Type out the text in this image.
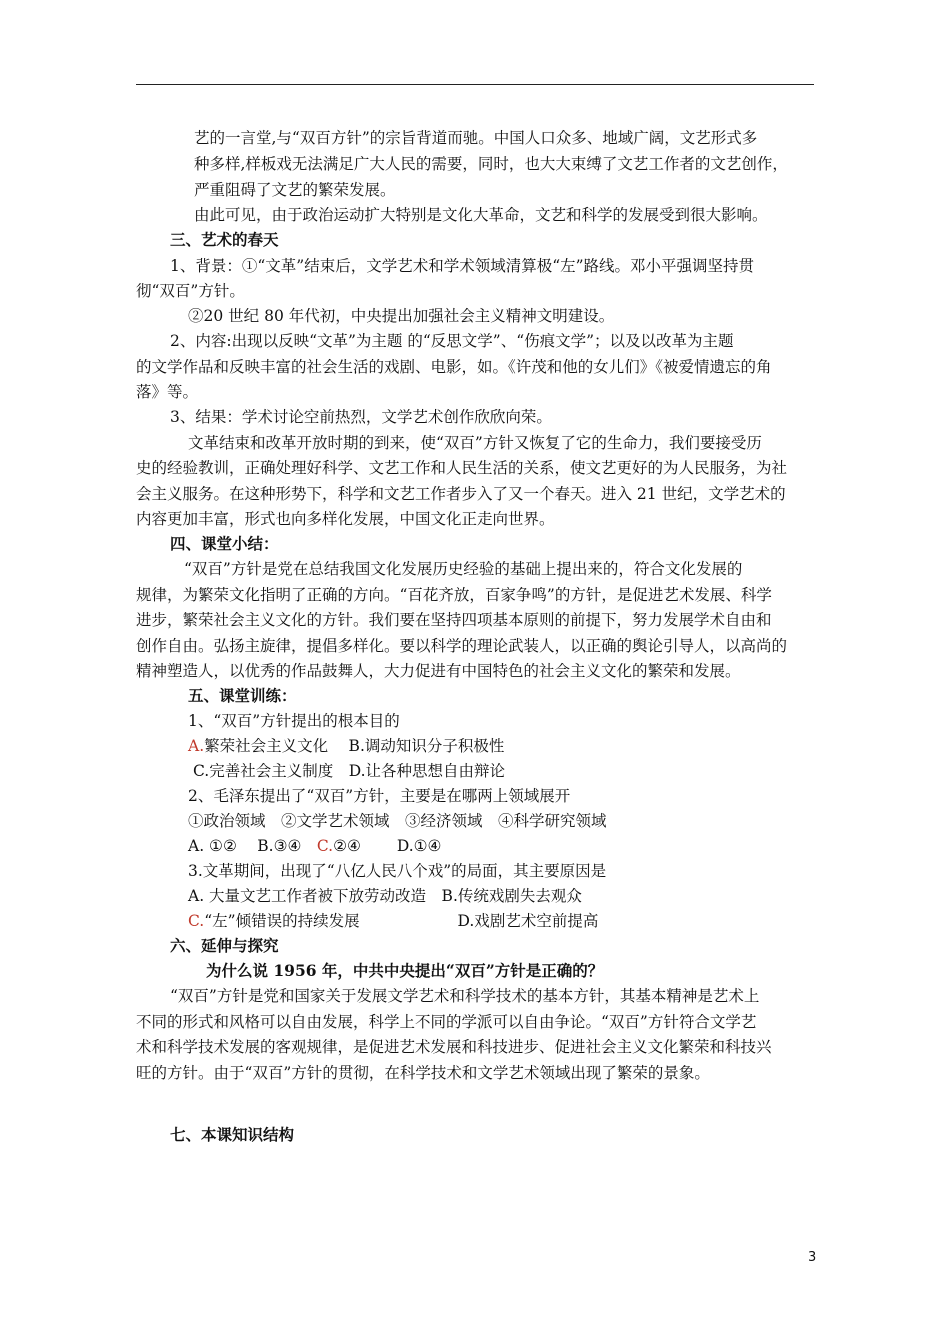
艺的一言堂,与“双百方针”的宗旨背道而驰。中国人口众多、地域广阔，文艺形式多
种多样,样板戏无法满足广大人民的需要，同时，也大大束缚了文艺工作者的文艺创作，
严重阻碍了文艺的繁荣发展。
由此可见，由于政治运动扩大特别是文化大革命，文艺和科学的发展受到很大影响。
三、艺术的春天
1、背景：①“文革”结束后，文学艺术和学术领域清算极“左”路线。邓小平强调坚持贯
彻“双百”方针。
②20 世纪 80 年代初，中央提出加强社会主义精神文明建设。
2、内容:出现以反映“文革”为主题 的“反思文学”、“伤痕文学”；以及以改革为主题
的文学作品和反映丰富的社会生活的戏剧、电影，如。《许茂和他的女儿们》《被爱情遗忘的角
落》等。
3、结果：学术讨论空前热烈，文学艺术创作欣欣向荣。
文革结束和改革开放时期的到来，使“双百”方针又恢复了它的生命力，我们要接受历
史的经验教训，正确处理好科学、文艺工作和人民生活的关系，使文艺更好的为人民服务，为社
会主义服务。在这种形势下，科学和文艺工作者步入了又一个春天。进入 21 世纪，文学艺术的
内容更加丰富，形式也向多样化发展，中国文化正走向世界。
四、课堂小结：
“双百”方针是党在总结我国文化发展历史经验的基础上提出来的，符合文化发展的
规律，为繁荣文化指明了正确的方向。“百花齐放，百家争鸣”的方针，是促进艺术发展、科学
进步，繁荣社会主义文化的方针。我们要在坚持四项基本原则的前提下，努力发展学术自由和
创作自由。弘扬主旋律，提倡多样化。要以科学的理论武装人，以正确的舆论引导人，以高尚的
精神塑造人，以优秀的作品鼓舞人，大力促进有中国特色的社会主义文化的繁荣和发展。
五、课堂训练：
1、“双百”方针提出的根本目的
A.繁荣社会主义文化　 B.调动知识分子积极性
C.完善社会主义制度　D.让各种思想自由辩论
2、毛泽东提出了“双百”方针，主要是在哪两上领域展开
①政治领域　②文学艺术领域　③经济领域　④科学研究领域
A. ①②　 B.③④　C.②④　　 D.①④
3.文革期间，出现了“八亿人民八个戏”的局面，其主要原因是
A. 大量文艺工作者被下放劳动改造　B.传统戏剧失去观众
C.“左”倾错误的持续发展　　　　　　 D.戏剧艺术空前提高
六、延伸与探究
为什么说 1956 年，中共中央提出“双百”方针是正确的？
“双百”方针是党和国家关于发展文学艺术和科学技术的基本方针，其基本精神是艺术上
不同的形式和风格可以自由发展，科学上不同的学派可以自由争论。“双百”方针符合文学艺
术和科学技术发展的客观规律，是促进艺术发展和科技进步、促进社会主义文化繁荣和科技兴
旺的方针。由于“双百”方针的贯彻，在科学技术和文学艺术领域出现了繁荣的景象。
七、本课知识结构
3
